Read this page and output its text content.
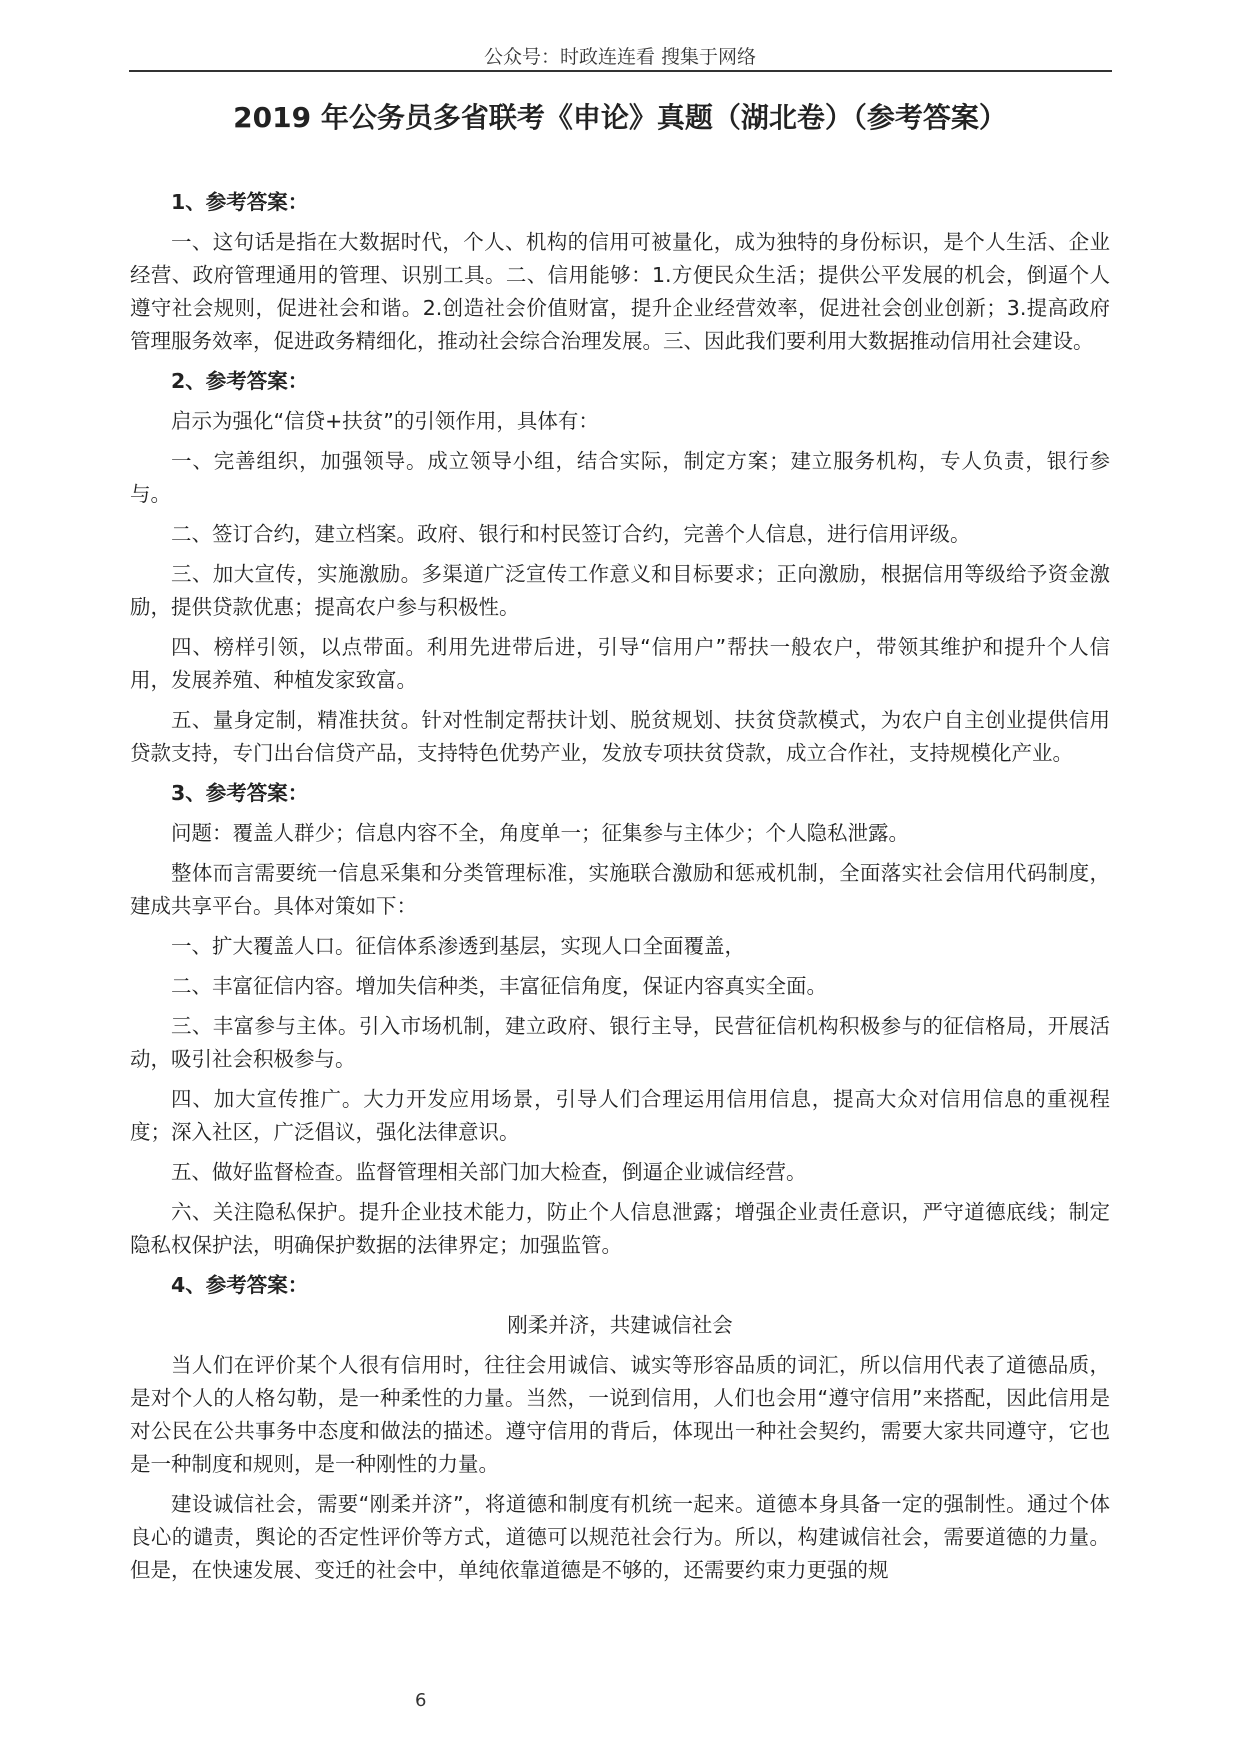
公众号：时政连连看 搜集于网络
2019 年公务员多省联考《申论》真题（湖北卷）（参考答案）

1、参考答案：

一、这句话是指在大数据时代，个人、机构的信用可被量化，成为独特的身份标识，是个人生活、企业经营、政府管理通用的管理、识别工具。二、信用能够：1.方便民众生活；提供公平发展的机会，倒逼个人遵守社会规则，促进社会和谐。2.创造社会价值财富，提升企业经营效率，促进社会创业创新；3.提高政府管理服务效率，促进政务精细化，推动社会综合治理发展。三、因此我们要利用大数据推动信用社会建设。

2、参考答案：

启示为强化“信贷+扶贫”的引领作用，具体有：

一、完善组织，加强领导。成立领导小组，结合实际，制定方案；建立服务机构，专人负责，银行参与。

二、签订合约，建立档案。政府、银行和村民签订合约，完善个人信息，进行信用评级。

三、加大宣传，实施激励。多渠道广泛宣传工作意义和目标要求；正向激励，根据信用等级给予资金激励，提供贷款优惠；提高农户参与积极性。

四、榜样引领，以点带面。利用先进带后进，引导“信用户”帮扶一般农户，带领其维护和提升个人信用，发展养殖、种植发家致富。

五、量身定制，精准扶贫。针对性制定帮扶计划、脱贫规划、扶贫贷款模式，为农户自主创业提供信用贷款支持，专门出台信贷产品，支持特色优势产业，发放专项扶贫贷款，成立合作社，支持规模化产业。

3、参考答案：

问题：覆盖人群少；信息内容不全，角度单一；征集参与主体少；个人隐私泄露。

整体而言需要统一信息采集和分类管理标准，实施联合激励和惩戒机制，全面落实社会信用代码制度，建成共享平台。具体对策如下：

一、扩大覆盖人口。征信体系渗透到基层，实现人口全面覆盖，

二、丰富征信内容。增加失信种类，丰富征信角度，保证内容真实全面。

三、丰富参与主体。引入市场机制，建立政府、银行主导，民营征信机构积极参与的征信格局，开展活动，吸引社会积极参与。

四、加大宣传推广。大力开发应用场景，引导人们合理运用信用信息，提高大众对信用信息的重视程度；深入社区，广泛倡议，强化法律意识。

五、做好监督检查。监督管理相关部门加大检查，倒逼企业诚信经营。

六、关注隐私保护。提升企业技术能力，防止个人信息泄露；增强企业责任意识，严守道德底线；制定隐私权保护法，明确保护数据的法律界定；加强监管。

4、参考答案：

刚柔并济，共建诚信社会

当人们在评价某个人很有信用时，往往会用诚信、诚实等形容品质的词汇，所以信用代表了道德品质，是对个人的人格勾勒，是一种柔性的力量。当然，一说到信用，人们也会用“遵守信用”来搭配，因此信用是对公民在公共事务中态度和做法的描述。遵守信用的背后，体现出一种社会契约，需要大家共同遵守，它也是一种制度和规则，是一种刚性的力量。

建设诚信社会，需要“刚柔并济”，将道德和制度有机统一起来。道德本身具备一定的强制性。通过个体良心的谴责，舆论的否定性评价等方式，道德可以规范社会行为。所以，构建诚信社会，需要道德的力量。但是，在快速发展、变迁的社会中，单纯依靠道德是不够的，还需要约束力更强的规

6
